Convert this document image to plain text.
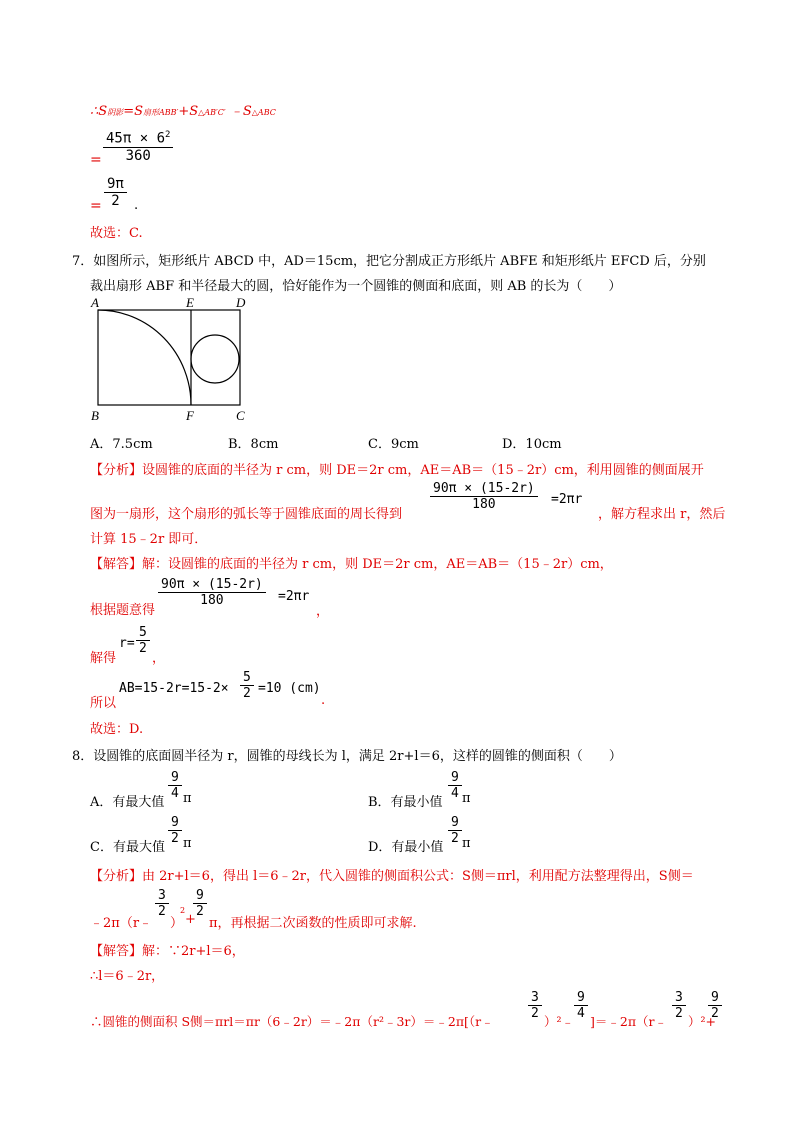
∴S阴影=S扇形ABB′+S△AB′C′ ﹣S△ABC
= $\frac{45\pi \times 6^2}{360}$
= $\frac{9\pi}{2}$ .
故选：C.
7．如图所示，矩形纸片 ABCD 中，AD＝15cm，把它分割成正方形纸片 ABFE 和矩形纸片 EFCD 后，分别
裁出扇形 ABF 和半径最大的圆，恰好能作为一个圆锥的侧面和底面，则 AB 的长为（　　）
A	E	D
B	F	C
A．7.5cm	B．8cm	C．9cm	D．10cm
【分析】设圆锥的底面的半径为 r cm，则 DE＝2r cm，AE＝AB＝（15﹣2r）cm，利用圆锥的侧面展开
图为一扇形，这个扇形的弧长等于圆锥底面的周长得到
$\frac{90\pi \times (15-2r)}{180} =2\pi r$
，解方程求出 r，然后
计算 15﹣2r 即可．
【解答】解：设圆锥的底面的半径为 r cm，则 DE＝2r cm，AE＝AB＝（15﹣2r）cm，
根据题意得
$\frac{90\pi \times (15-2r)}{180} =2\pi r$
，
解得
$r= \frac{5}{2}$
，
所以
$AB=15-2r=15-2\times \frac{5}{2} =10$ (cm)
.
故选：D.
8．设圆锥的底面圆半径为 r，圆锥的母线长为 l，满足 2r+l＝6，这样的圆锥的侧面积（　　）
A．有最大值
$\frac{9}{4}$ π	B．有最小值
$\frac{9}{4}$ π
C．有最大值
$\frac{9}{2}$ π	D．有最小值
$\frac{9}{2}$ π
【分析】由 2r+l＝6，得出 l＝6﹣2r，代入圆锥的侧面积公式：S侧＝πrl，利用配方法整理得出，S侧＝
﹣2π（r﹣
$\frac{3}{2}$
）
2
+
$\frac{9}{2}$
π，再根据二次函数的性质即可求解.
【解答】解：∵2r+l＝6，
∴l＝6﹣2r，
∴圆锥的侧面积 S侧＝πrl＝πr（6﹣2r）＝﹣2π（r²﹣3r）＝﹣2π[（r﹣
$\frac{3}{2}$
）²﹣
$\frac{9}{4}$
]＝﹣2π（r﹣
$\frac{3}{2}$
）²+
$\frac{9}{2}$
